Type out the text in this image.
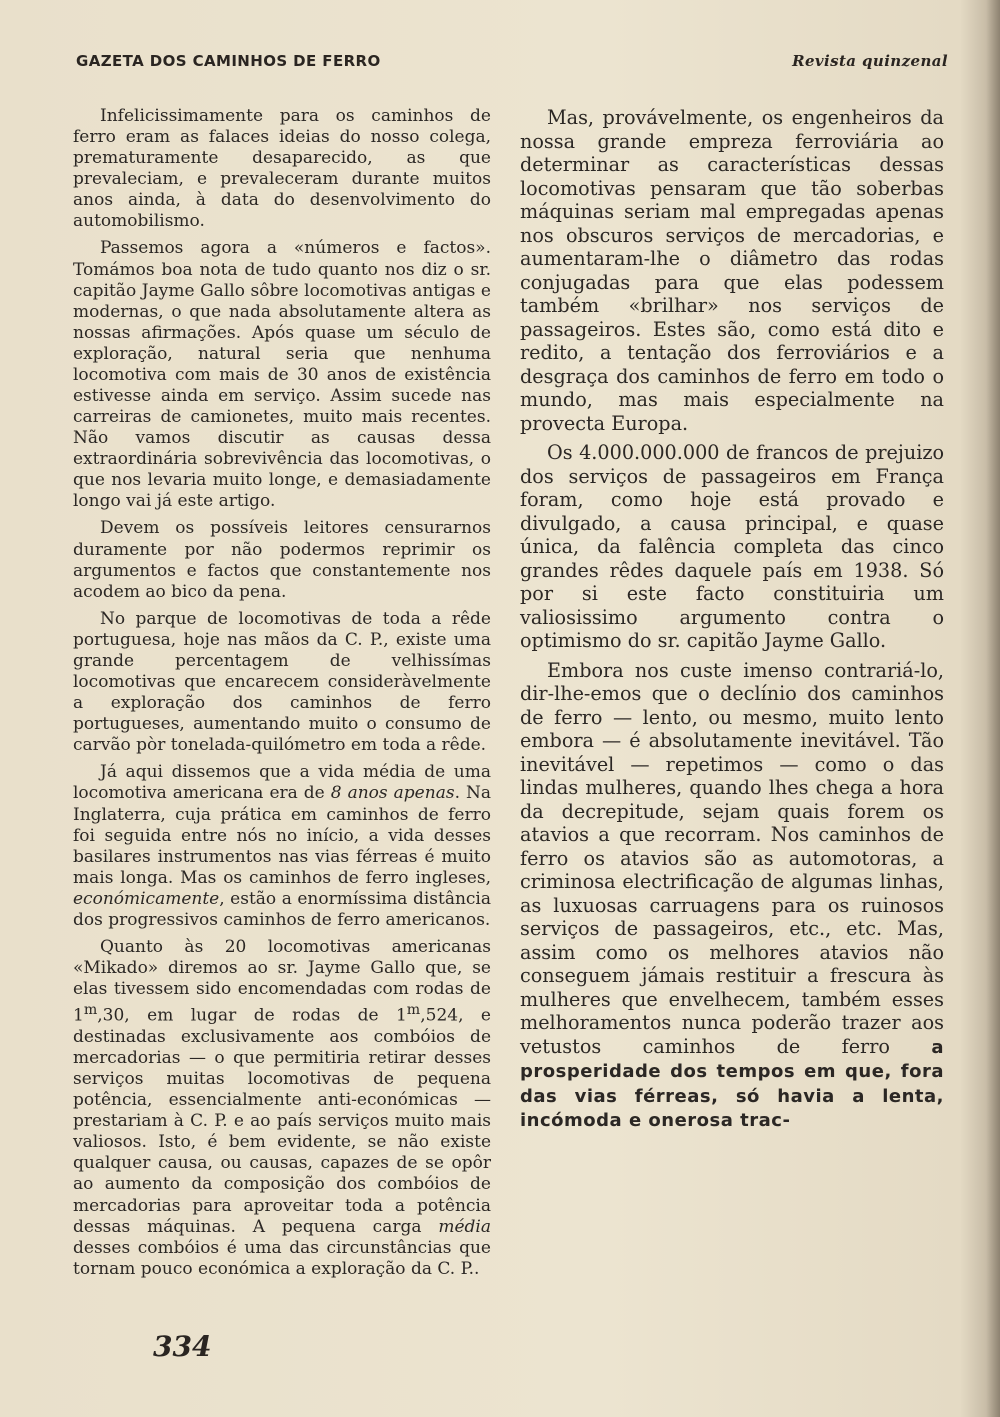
GAZETA DOS CAMINHOS DE FERRO	Revista quinzenal

Infelicissimamente para os caminhos de ferro eram as falaces ideias do nosso colega, prematuramente desaparecido, as que prevaleciam, e prevaleceram durante muitos anos ainda, à data do desenvolvimento do automobilismo.

Passemos agora a «números e factos». Tomámos boa nota de tudo quanto nos diz o sr. capitão Jayme Gallo sôbre locomotivas antigas e modernas, o que nada absolutamente altera as nossas afirmações. Após quase um século de exploração, natural seria que nenhuma locomotiva com mais de 30 anos de existência estivesse ainda em serviço. Assim sucede nas carreiras de camionetes, muito mais recentes. Não vamos discutir as causas dessa extraordinária sobrevivência das locomotivas, o que nos levaria muito longe, e demasiadamente longo vai já este artigo.

Devem os possíveis leitores censurarnos duramente por não podermos reprimir os argumentos e factos que constantemente nos acodem ao bico da pena.

No parque de locomotivas de toda a rêde portuguesa, hoje nas mãos da C. P., existe uma grande percentagem de velhissímas locomotivas que encarecem consideràvelmente a exploração dos caminhos de ferro portugueses, aumentando muito o consumo de carvão pòr tonelada-quilómetro em toda a rêde.

Já aqui dissemos que a vida média de uma locomotiva americana era de 8 anos apenas. Na Inglaterra, cuja prática em caminhos de ferro foi seguida entre nós no início, a vida desses basilares instrumentos nas vias férreas é muito mais longa. Mas os caminhos de ferro ingleses, económicamente, estão a enormíssima distância dos progressivos caminhos de ferro americanos.

Quanto às 20 locomotivas americanas «Mikado» diremos ao sr. Jayme Gallo que, se elas tivessem sido encomendadas com rodas de 1$^m$,30, em lugar de rodas de 1$^m$,524, e destinadas exclusivamente aos combóios de mercadorias — o que permitiria retirar desses serviços muitas locomotivas de pequena potência, essencialmente anti-económicas — prestariam à C. P. e ao país serviços muito mais valiosos. Isto, é bem evidente, se não existe qualquer causa, ou causas, capazes de se opôr ao aumento da composição dos combóios de mercadorias para aproveitar toda a potência dessas máquinas. A pequena carga média desses combóios é uma das circunstâncias que tornam pouco económica a exploração da C. P..

Mas, provávelmente, os engenheiros da nossa grande empreza ferroviária ao determinar as características dessas locomotivas pensaram que tão soberbas máquinas seriam mal empregadas apenas nos obscuros serviços de mercadorias, e aumentaram-lhe o diâmetro das rodas conjugadas para que elas podessem também «brilhar» nos serviços de passageiros. Estes são, como está dito e redito, a tentação dos ferroviários e a desgraça dos caminhos de ferro em todo o mundo, mas mais especialmente na provecta Europa.

Os 4.000.000.000 de francos de prejuizo dos serviços de passageiros em França foram, como hoje está provado e divulgado, a causa principal, e quase única, da falência completa das cinco grandes rêdes daquele país em 1938. Só por si este facto constituiria um valiosissimo argumento contra o optimismo do sr. capitão Jayme Gallo.

Embora nos custe imenso contrariá-lo, dir-lhe-emos que o declínio dos caminhos de ferro — lento, ou mesmo, muito lento embora — é absolutamente inevitável. Tão inevitável — repetimos — como o das lindas mulheres, quando lhes chega a hora da decrepitude, sejam quais forem os atavios a que recorram. Nos caminhos de ferro os atavios são as automotoras, a criminosa electrificação de algumas linhas, as luxuosas carruagens para os ruinosos serviços de passageiros, etc., etc. Mas, assim como os melhores atavios não conseguem jámais restituir a frescura às mulheres que envelhecem, também esses melhoramentos nunca poderão trazer aos vetustos caminhos de ferro a prosperidade dos tempos em que, fora das vias férreas, só havia a lenta, incómoda e onerosa trac-

334
